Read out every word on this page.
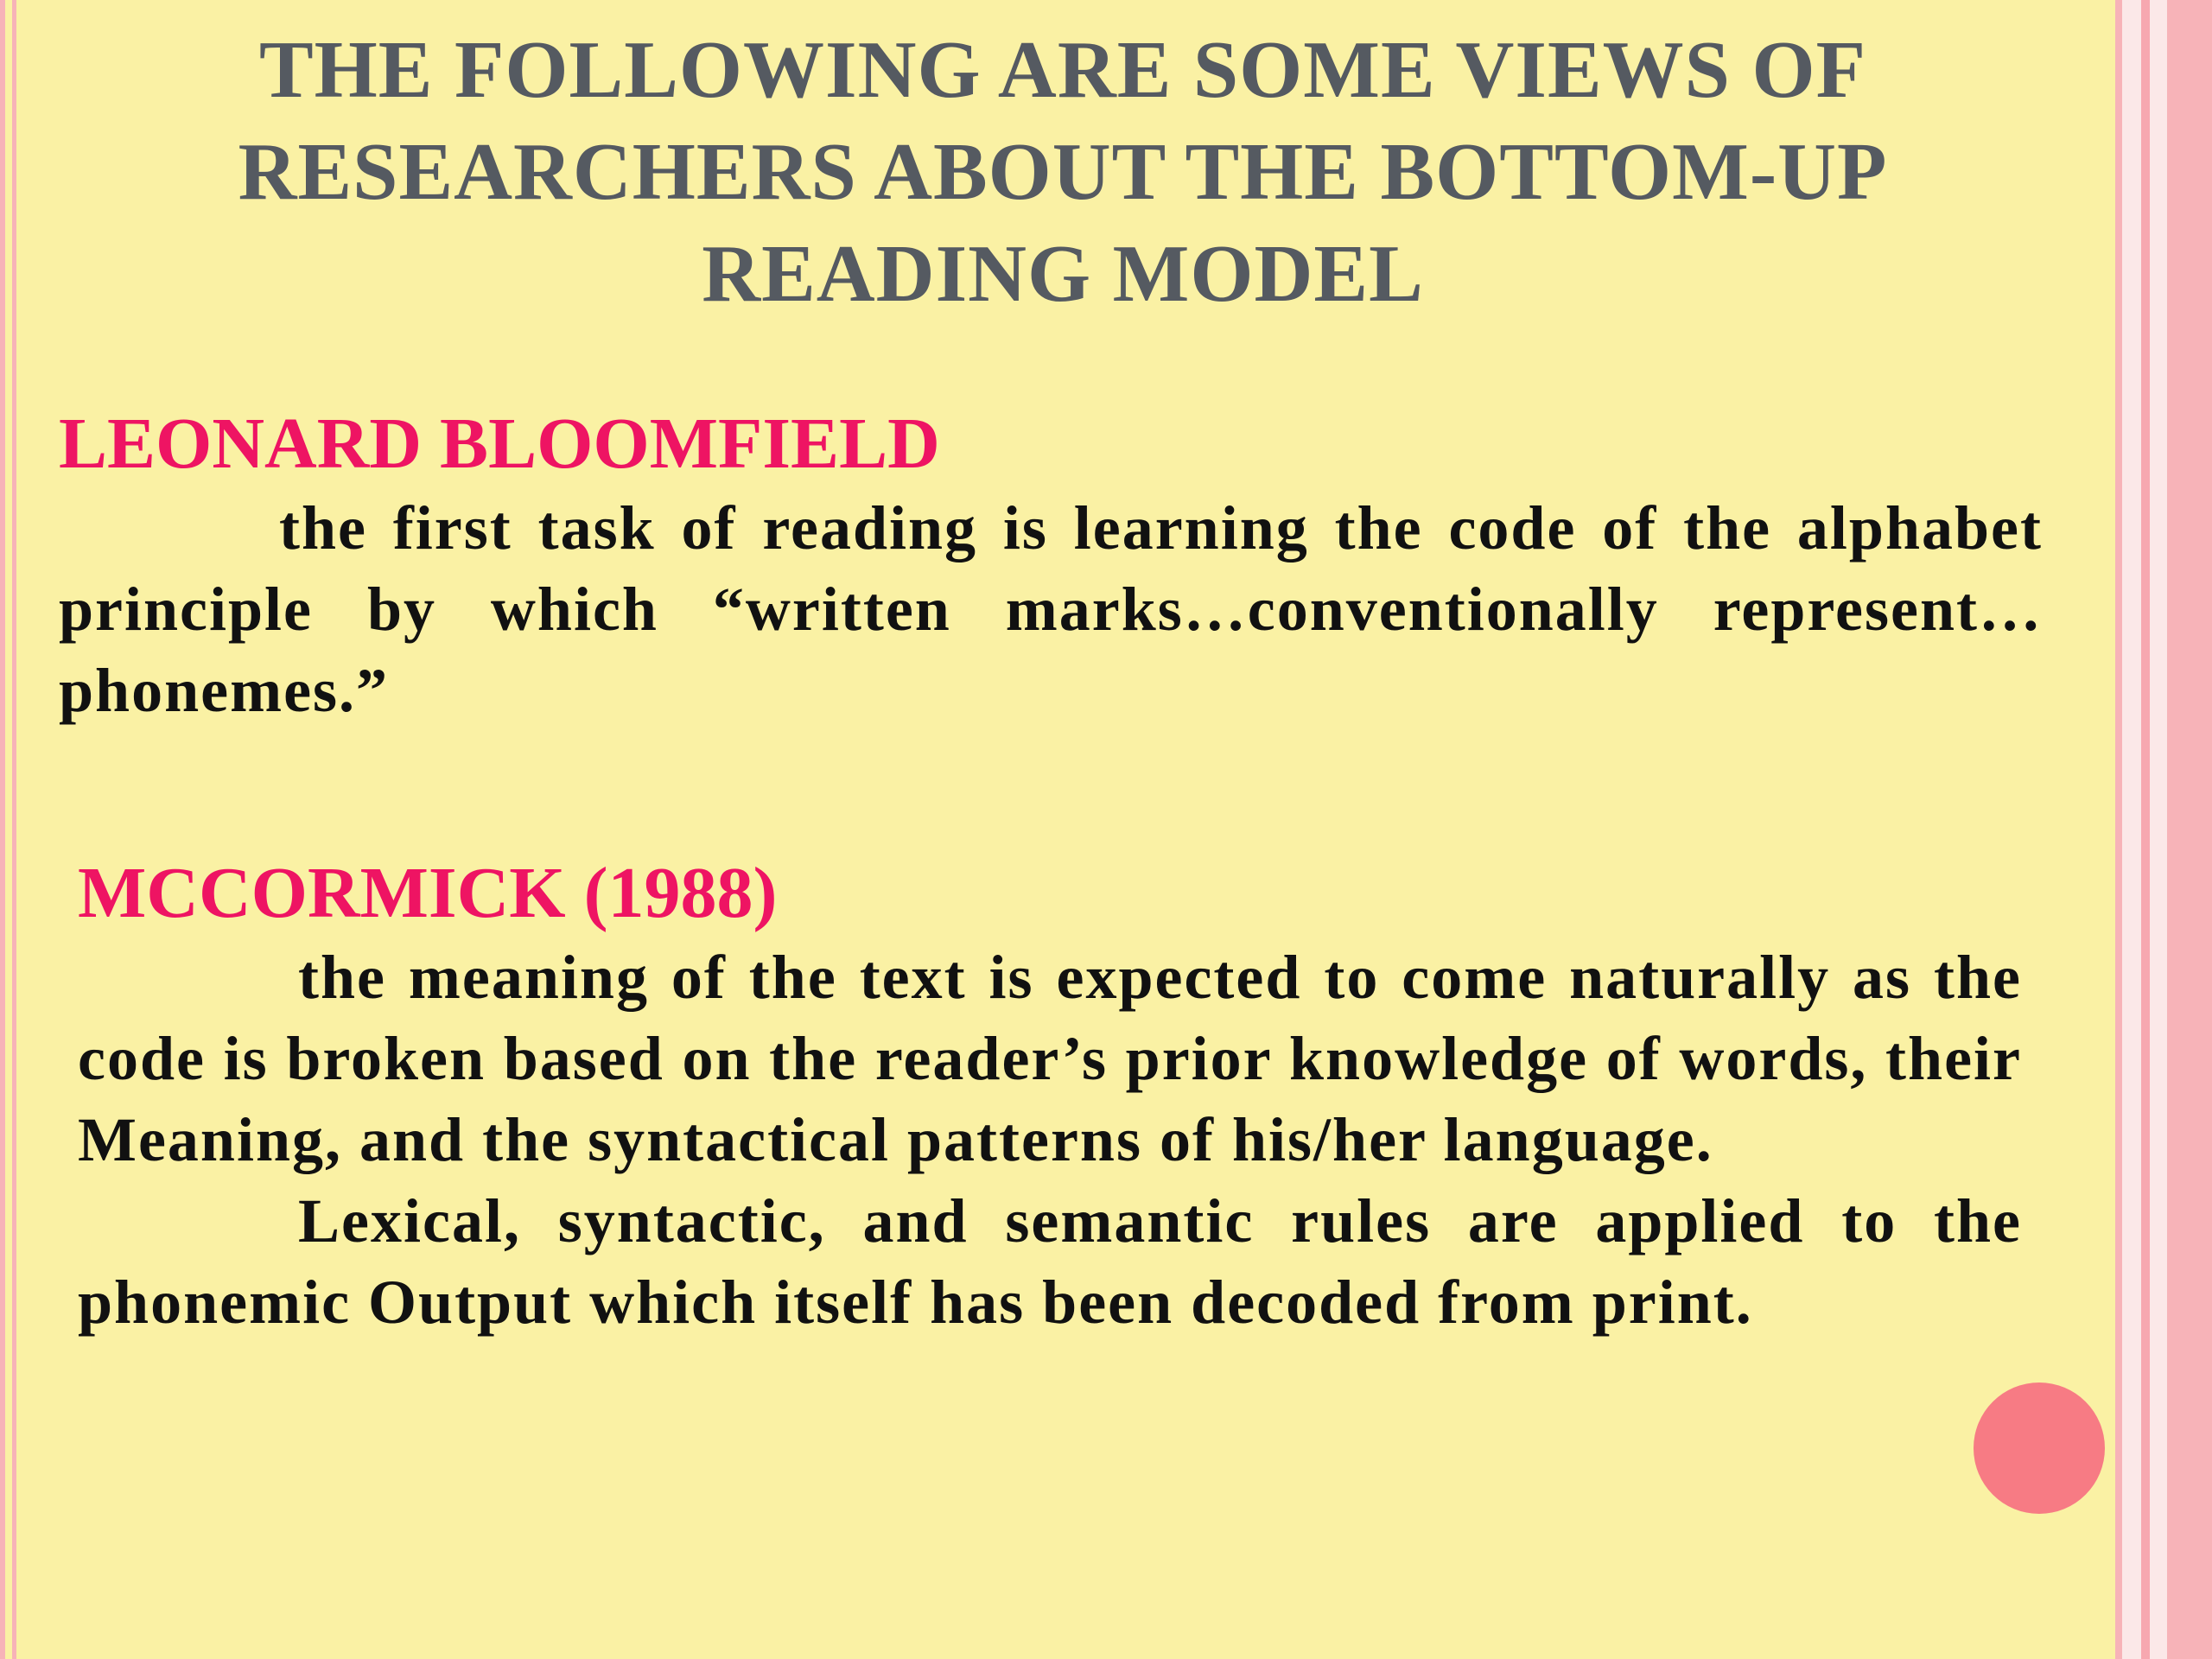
THE FOLLOWING ARE SOME VIEWS OF RESEARCHERS ABOUT THE BOTTOM-UP READING MODEL
LEONARD BLOOMFIELD

the first task of reading is learning the code of the alphabet principle by which “written marks…conventionally represent… phonemes.”

MCCORMICK (1988)

the meaning of the text is expected to come naturally as the code is broken based on the reader’s prior knowledge of words, their Meaning, and the syntactical patterns of his/her language.

Lexical, syntactic, and semantic rules are applied to the phonemic Output which itself has been decoded from print.
